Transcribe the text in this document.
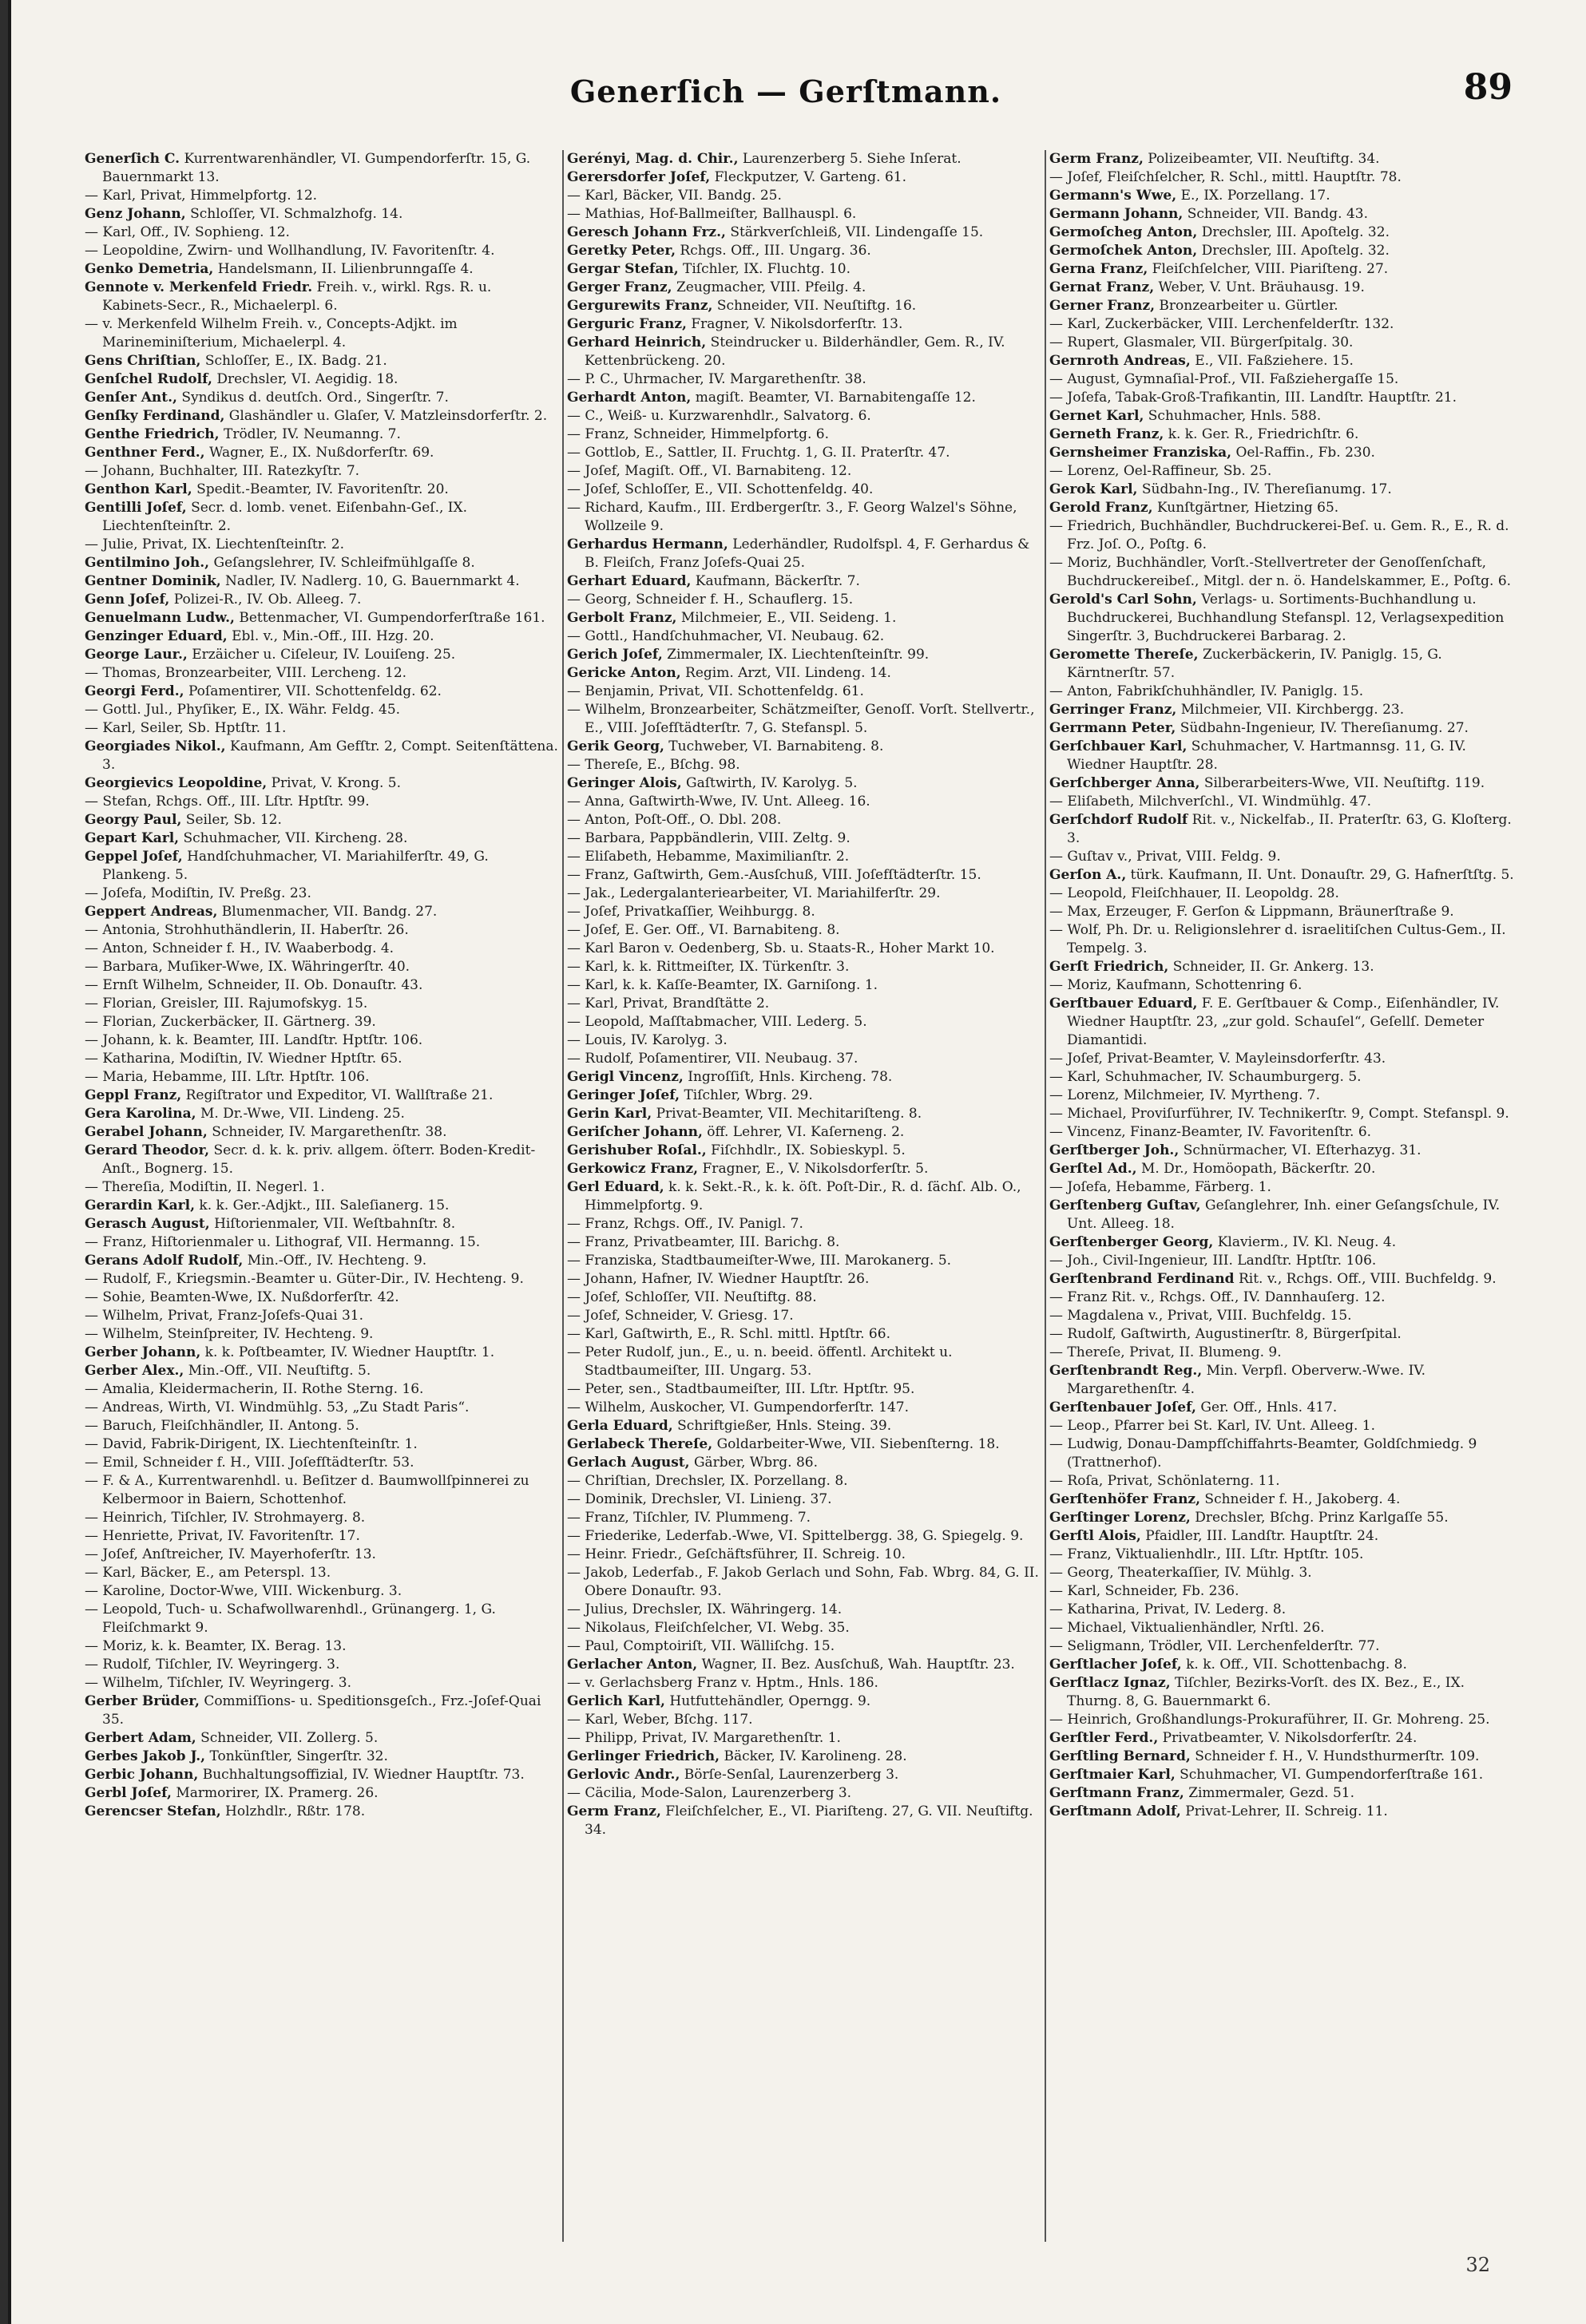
Generſich — Gerſtmann.	89

Generſich C. Kurrentwarenhändler, VI. Gumpendorferſtr. 15, G. Bauernmarkt 13.

— Karl, Privat, Himmelpfortg. 12.

Genz Johann, Schloſſer, VI. Schmalzhofg. 14.

— Karl, Off., IV. Sophieng. 12.

— Leopoldine, Zwirn- und Wollhandlung, IV. Favoritenſtr. 4.

Genko Demetria, Handelsmann, II. Lilienbrunngaſſe 4.

Gennote v. Merkenfeld Friedr. Freih. v., wirkl. Rgs. R. u. Kabinets-Secr., R., Michaelerpl. 6.

— v. Merkenfeld Wilhelm Freih. v., Concepts-Adjkt. im Marineminiſterium, Michaelerpl. 4.

Gens Chriſtian, Schloſſer, E., IX. Badg. 21.

Genſchel Rudolf, Drechsler, VI. Aegidig. 18.

Genſer Ant., Syndikus d. deutſch. Ord., Singerſtr. 7.

Genſky Ferdinand, Glashändler u. Glaſer, V. Matzleinsdorferſtr. 2.

Genthe Friedrich, Trödler, IV. Neumanng. 7.

Genthner Ferd., Wagner, E., IX. Nußdorferſtr. 69.

— Johann, Buchhalter, III. Ratezkyſtr. 7.

Genthon Karl, Spedit.-Beamter, IV. Favoritenſtr. 20.

Gentilli Joſef, Secr. d. lomb. venet. Eiſenbahn-Geſ., IX. Liechtenſteinſtr. 2.

— Julie, Privat, IX. Liechtenſteinſtr. 2.

Gentilmino Joh., Geſangslehrer, IV. Schleifmühlgaſſe 8.

Gentner Dominik, Nadler, IV. Nadlerg. 10, G. Bauernmarkt 4.

Genn Joſef, Polizei-R., IV. Ob. Alleeg. 7.

Genuelmann Ludw., Bettenmacher, VI. Gumpendorferſtraße 161.

Genzinger Eduard, Ebl. v., Min.-Off., III. Hzg. 20.

George Laur., Erzäicher u. Ciſeleur, IV. Louiſeng. 25.

— Thomas, Bronzearbeiter, VIII. Lercheng. 12.

Georgi Ferd., Poſamentirer, VII. Schottenfeldg. 62.

— Gottl. Jul., Phyſiker, E., IX. Währ. Feldg. 45.

— Karl, Seiler, Sb. Hptſtr. 11.

Georgiades Nikol., Kaufmann, Am Gefſtr. 2, Compt. Seitenſtättena. 3.

Georgievics Leopoldine, Privat, V. Krong. 5.

— Stefan, Rchgs. Off., III. Lſtr. Hptſtr. 99.

Georgy Paul, Seiler, Sb. 12.

Gepart Karl, Schuhmacher, VII. Kircheng. 28.

Geppel Joſef, Handſchuhmacher, VI. Mariahilferſtr. 49, G. Plankeng. 5.

— Joſefa, Modiſtin, IV. Preßg. 23.

Geppert Andreas, Blumenmacher, VII. Bandg. 27.

— Antonia, Strohhuthändlerin, II. Haberſtr. 26.

— Anton, Schneider f. H., IV. Waaberbodg. 4.

— Barbara, Muſiker-Wwe, IX. Währingerſtr. 40.

— Ernſt Wilhelm, Schneider, II. Ob. Donauſtr. 43.

— Florian, Greisler, III. Rajumofskyg. 15.

— Florian, Zuckerbäcker, II. Gärtnerg. 39.

— Johann, k. k. Beamter, III. Landſtr. Hptſtr. 106.

— Katharina, Modiſtin, IV. Wiedner Hptſtr. 65.

— Maria, Hebamme, III. Lſtr. Hptſtr. 106.

Geppl Franz, Regiſtrator und Expeditor, VI. Wallſtraße 21.

Gera Karolina, M. Dr.-Wwe, VII. Lindeng. 25.

Gerabel Johann, Schneider, IV. Margarethenſtr. 38.

Gerard Theodor, Secr. d. k. k. priv. allgem. öſterr. Boden-Kredit-Anſt., Bognerg. 15.

— Thereſia, Modiſtin, II. Negerl. 1.

Gerardin Karl, k. k. Ger.-Adjkt., III. Saleſianerg. 15.

Gerasch August, Hiſtorienmaler, VII. Weſtbahnſtr. 8.

— Franz, Hiſtorienmaler u. Lithograf, VII. Hermanng. 15.

Gerans Adolf Rudolf, Min.-Off., IV. Hechteng. 9.

— Rudolf, F., Kriegsmin.-Beamter u. Güter-Dir., IV. Hechteng. 9.

— Sohie, Beamten-Wwe, IX. Nußdorferſtr. 42.

— Wilhelm, Privat, Franz-Joſefs-Quai 31.

— Wilhelm, Steinſpreiter, IV. Hechteng. 9.

Gerber Johann, k. k. Poſtbeamter, IV. Wiedner Hauptſtr. 1.

Gerber Alex., Min.-Off., VII. Neuſtiftg. 5.

— Amalia, Kleidermacherin, II. Rothe Sterng. 16.

— Andreas, Wirth, VI. Windmühlg. 53, „Zu Stadt Paris“.

— Baruch, Fleiſchhändler, II. Antong. 5.

— David, Fabrik-Dirigent, IX. Liechtenſteinſtr. 1.

— Emil, Schneider f. H., VIII. Joſefſtädterſtr. 53.

— F. & A., Kurrentwarenhdl. u. Beſitzer d. Baumwollſpinnerei zu Kelbermoor in Baiern, Schottenhof.

— Heinrich, Tiſchler, IV. Strohmayerg. 8.

— Henriette, Privat, IV. Favoritenſtr. 17.

— Joſef, Anſtreicher, IV. Mayerhoferſtr. 13.

— Karl, Bäcker, E., am Peterspl. 13.

— Karoline, Doctor-Wwe, VIII. Wickenburg. 3.

— Leopold, Tuch- u. Schafwollwarenhdl., Grünangerg. 1, G. Fleiſchmarkt 9.

— Moriz, k. k. Beamter, IX. Berag. 13.

— Rudolf, Tiſchler, IV. Weyringerg. 3.

— Wilhelm, Tiſchler, IV. Weyringerg. 3.

Gerber Brüder, Commiſſions- u. Speditionsgeſch., Frz.-Joſef-Quai 35.

Gerbert Adam, Schneider, VII. Zollerg. 5.

Gerbes Jakob J., Tonkünſtler, Singerſtr. 32.

Gerbic Johann, Buchhaltungsoffizial, IV. Wiedner Hauptſtr. 73.

Gerbl Joſef, Marmorirer, IX. Pramerg. 26.

Gerencser Stefan, Holzhdlr., Rßtr. 178.

Gerényi, Mag. d. Chir., Laurenzerberg 5. Siehe Inſerat.

Gerersdorfer Joſef, Fleckputzer, V. Garteng. 61.

— Karl, Bäcker, VII. Bandg. 25.

— Mathias, Hof-Ballmeiſter, Ballhauspl. 6.

Geresch Johann Frz., Stärkverſchleiß, VII. Lindengaſſe 15.

Geretky Peter, Rchgs. Off., III. Ungarg. 36.

Gergar Stefan, Tiſchler, IX. Fluchtg. 10.

Gerger Franz, Zeugmacher, VIII. Pfeilg. 4.

Gergurewits Franz, Schneider, VII. Neuſtiftg. 16.

Gerguric Franz, Fragner, V. Nikolsdorferſtr. 13.

Gerhard Heinrich, Steindrucker u. Bilderhändler, Gem. R., IV. Kettenbrückeng. 20.

— P. C., Uhrmacher, IV. Margarethenſtr. 38.

Gerhardt Anton, magiſt. Beamter, VI. Barnabitengaſſe 12.

— C., Weiß- u. Kurzwarenhdlr., Salvatorg. 6.

— Franz, Schneider, Himmelpfortg. 6.

— Gottlob, E., Sattler, II. Fruchtg. 1, G. II. Praterſtr. 47.

— Joſef, Magiſt. Off., VI. Barnabiteng. 12.

— Joſef, Schloſſer, E., VII. Schottenfeldg. 40.

— Richard, Kaufm., III. Erdbergerſtr. 3., F. Georg Walzel's Söhne, Wollzeile 9.

Gerhardus Hermann, Lederhändler, Rudolfspl. 4, F. Gerhardus & B. Fleiſch, Franz Joſefs-Quai 25.

Gerhart Eduard, Kaufmann, Bäckerſtr. 7.

— Georg, Schneider f. H., Schauflerg. 15.

Gerbolt Franz, Milchmeier, E., VII. Seideng. 1.

— Gottl., Handſchuhmacher, VI. Neubaug. 62.

Gerich Joſef, Zimmermaler, IX. Liechtenſteinſtr. 99.

Gericke Anton, Regim. Arzt, VII. Lindeng. 14.

— Benjamin, Privat, VII. Schottenfeldg. 61.

— Wilhelm, Bronzearbeiter, Schätzmeiſter, Genoſſ. Vorſt. Stellvertr., E., VIII. Joſefſtädterſtr. 7, G. Stefanspl. 5.

Gerik Georg, Tuchweber, VI. Barnabiteng. 8.

— Thereſe, E., Bſchg. 98.

Geringer Alois, Gaſtwirth, IV. Karolyg. 5.

— Anna, Gaſtwirth-Wwe, IV. Unt. Alleeg. 16.

— Anton, Poſt-Off., O. Dbl. 208.

— Barbara, Pappbändlerin, VIII. Zeltg. 9.

— Eliſabeth, Hebamme, Maximilianſtr. 2.

— Franz, Gaſtwirth, Gem.-Ausſchuß, VIII. Joſefſtädterſtr. 15.

— Jak., Ledergalanteriearbeiter, VI. Mariahilferſtr. 29.

— Joſef, Privatkaſſier, Weihburgg. 8.

— Joſef, E. Ger. Off., VI. Barnabiteng. 8.

— Karl Baron v. Oedenberg, Sb. u. Staats-R., Hoher Markt 10.

— Karl, k. k. Rittmeiſter, IX. Türkenſtr. 3.

— Karl, k. k. Kaſſe-Beamter, IX. Garniſong. 1.

— Karl, Privat, Brandſtätte 2.

— Leopold, Maſſtabmacher, VIII. Lederg. 5.

— Louis, IV. Karolyg. 3.

— Rudolf, Poſamentirer, VII. Neubaug. 37.

Gerigl Vincenz, Ingroſſiſt, Hnls. Kircheng. 78.

Geringer Joſef, Tiſchler, Wbrg. 29.

Gerin Karl, Privat-Beamter, VII. Mechitariſteng. 8.

Geriſcher Johann, öff. Lehrer, VI. Kaſerneng. 2.

Gerishuber Roſal., Fiſchhdlr., IX. Sobieskypl. 5.

Gerkowicz Franz, Fragner, E., V. Nikolsdorferſtr. 5.

Gerl Eduard, k. k. Sekt.-R., k. k. öſt. Poſt-Dir., R. d. ſächſ. Alb. O., Himmelpfortg. 9.

— Franz, Rchgs. Off., IV. Panigl. 7.

— Franz, Privatbeamter, III. Barichg. 8.

— Franziska, Stadtbaumeiſter-Wwe, III. Marokanerg. 5.

— Johann, Hafner, IV. Wiedner Hauptſtr. 26.

— Joſef, Schloſſer, VII. Neuſtiftg. 88.

— Joſef, Schneider, V. Griesg. 17.

— Karl, Gaſtwirth, E., R. Schl. mittl. Hptſtr. 66.

— Peter Rudolf, jun., E., u. n. beeid. öffentl. Architekt u. Stadtbaumeiſter, III. Ungarg. 53.

— Peter, sen., Stadtbaumeiſter, III. Lſtr. Hptſtr. 95.

— Wilhelm, Auskocher, VI. Gumpendorferſtr. 147.

Gerla Eduard, Schriftgießer, Hnls. Steing. 39.

Gerlabeck Thereſe, Goldarbeiter-Wwe, VII. Siebenſterng. 18.

Gerlach August, Gärber, Wbrg. 86.

— Chriſtian, Drechsler, IX. Porzellang. 8.

— Dominik, Drechsler, VI. Linieng. 37.

— Franz, Tiſchler, IV. Plummeng. 7.

— Friederike, Lederfab.-Wwe, VI. Spittelbergg. 38, G. Spiegelg. 9.

— Heinr. Friedr., Geſchäftsführer, II. Schreig. 10.

— Jakob, Lederfab., F. Jakob Gerlach und Sohn, Fab. Wbrg. 84, G. II. Obere Donauſtr. 93.

— Julius, Drechsler, IX. Währingerg. 14.

— Nikolaus, Fleiſchſelcher, VI. Webg. 35.

— Paul, Comptoiriſt, VII. Wälliſchg. 15.

Gerlacher Anton, Wagner, II. Bez. Ausſchuß, Wah. Hauptſtr. 23.

— v. Gerlachsberg Franz v. Hptm., Hnls. 186.

Gerlich Karl, Hutfuttehändler, Operngg. 9.

— Karl, Weber, Bſchg. 117.

— Philipp, Privat, IV. Margarethenſtr. 1.

Gerlinger Friedrich, Bäcker, IV. Karolineng. 28.

Gerlovic Andr., Börſe-Senſal, Laurenzerberg 3.

— Cäcilia, Mode-Salon, Laurenzerberg 3.

Germ Franz, Fleiſchſelcher, E., VI. Piariſteng. 27, G. VII. Neuſtiftg. 34.

Germ Franz, Polizeibeamter, VII. Neuſtiftg. 34.

— Joſef, Fleiſchſelcher, R. Schl., mittl. Hauptſtr. 78.

Germann's Wwe, E., IX. Porzellang. 17.

Germann Johann, Schneider, VII. Bandg. 43.

Germoſcheg Anton, Drechsler, III. Apoſtelg. 32.

Germoſchek Anton, Drechsler, III. Apoſtelg. 32.

Gerna Franz, Fleiſchſelcher, VIII. Piariſteng. 27.

Gernat Franz, Weber, V. Unt. Bräuhausg. 19.

Gerner Franz, Bronzearbeiter u. Gürtler.

— Karl, Zuckerbäcker, VIII. Lerchenfelderſtr. 132.

— Rupert, Glasmaler, VII. Bürgerſpitalg. 30.

Gernroth Andreas, E., VII. Faßziehere. 15.

— August, Gymnaſial-Prof., VII. Faßziehergaſſe 15.

— Joſefa, Tabak-Groß-Trafikantin, III. Landſtr. Hauptſtr. 21.

Gernet Karl, Schuhmacher, Hnls. 588.

Gerneth Franz, k. k. Ger. R., Friedrichſtr. 6.

Gernsheimer Franziska, Oel-Raffin., Fb. 230.

— Lorenz, Oel-Raffineur, Sb. 25.

Gerok Karl, Südbahn-Ing., IV. Thereſianumg. 17.

Gerold Franz, Kunſtgärtner, Hietzing 65.

— Friedrich, Buchhändler, Buchdruckerei-Beſ. u. Gem. R., E., R. d. Frz. Joſ. O., Poſtg. 6.

— Moriz, Buchhändler, Vorſt.-Stellvertreter der Genoſſenſchaft, Buchdruckereibeſ., Mitgl. der n. ö. Handelskammer, E., Poſtg. 6.

Gerold's Carl Sohn, Verlags- u. Sortiments-Buchhandlung u. Buchdruckerei, Buchhandlung Stefanspl. 12, Verlagsexpedition Singerſtr. 3, Buchdruckerei Barbarag. 2.

Geromette Thereſe, Zuckerbäckerin, IV. Paniglg. 15, G. Kärntnerſtr. 57.

— Anton, Fabrikſchuhhändler, IV. Paniglg. 15.

Gerringer Franz, Milchmeier, VII. Kirchbergg. 23.

Gerrmann Peter, Südbahn-Ingenieur, IV. Thereſianumg. 27.

Gerſchbauer Karl, Schuhmacher, V. Hartmannsg. 11, G. IV. Wiedner Hauptſtr. 28.

Gerſchberger Anna, Silberarbeiters-Wwe, VII. Neuſtiftg. 119.

— Eliſabeth, Milchverſchl., VI. Windmühlg. 47.

Gerſchdorf Rudolf Rit. v., Nickelfab., II. Praterſtr. 63, G. Kloſterg. 3.

— Guſtav v., Privat, VIII. Feldg. 9.

Gerſon A., türk. Kaufmann, II. Unt. Donauſtr. 29, G. Hafnerſtſtg. 5.

— Leopold, Fleiſchhauer, II. Leopoldg. 28.

— Max, Erzeuger, F. Gerſon & Lippmann, Bräunerſtraße 9.

— Wolf, Ph. Dr. u. Religionslehrer d. israelitiſchen Cultus-Gem., II. Tempelg. 3.

Gerſt Friedrich, Schneider, II. Gr. Ankerg. 13.

— Moriz, Kaufmann, Schottenring 6.

Gerſtbauer Eduard, F. E. Gerſtbauer & Comp., Eiſenhändler, IV. Wiedner Hauptſtr. 23, „zur gold. Schauſel“, Geſellſ. Demeter Diamantidi.

— Joſef, Privat-Beamter, V. Mayleinsdorferſtr. 43.

— Karl, Schuhmacher, IV. Schaumburgerg. 5.

— Lorenz, Milchmeier, IV. Myrtheng. 7.

— Michael, Proviſurführer, IV. Technikerſtr. 9, Compt. Stefanspl. 9.

— Vincenz, Finanz-Beamter, IV. Favoritenſtr. 6.

Gerſtberger Joh., Schnürmacher, VI. Eſterhazyg. 31.

Gerſtel Ad., M. Dr., Homöopath, Bäckerſtr. 20.

— Joſefa, Hebamme, Färberg. 1.

Gerſtenberg Guſtav, Geſanglehrer, Inh. einer Geſangsſchule, IV. Unt. Alleeg. 18.

Gerſtenberger Georg, Klavierm., IV. Kl. Neug. 4.

— Joh., Civil-Ingenieur, III. Landſtr. Hptſtr. 106.

Gerſtenbrand Ferdinand Rit. v., Rchgs. Off., VIII. Buchfeldg. 9.

— Franz Rit. v., Rchgs. Off., IV. Dannhauſerg. 12.

— Magdalena v., Privat, VIII. Buchfeldg. 15.

— Rudolf, Gaſtwirth, Augustinerſtr. 8, Bürgerſpital.

— Thereſe, Privat, II. Blumeng. 9.

Gerſtenbrandt Reg., Min. Verpfl. Oberverw.-Wwe. IV. Margarethenſtr. 4.

Gerſtenbauer Joſef, Ger. Off., Hnls. 417.

— Leop., Pfarrer bei St. Karl, IV. Unt. Alleeg. 1.

— Ludwig, Donau-Dampfſchiffahrts-Beamter, Goldſchmiedg. 9 (Trattnerhof).

— Roſa, Privat, Schönlaterng. 11.

Gerſtenhöfer Franz, Schneider f. H., Jakoberg. 4.

Gerſtinger Lorenz, Drechsler, Bſchg. Prinz Karlgaſſe 55.

Gerſtl Alois, Pfaidler, III. Landſtr. Hauptſtr. 24.

— Franz, Viktualienhdlr., III. Lſtr. Hptſtr. 105.

— Georg, Theaterkaſſier, IV. Mühlg. 3.

— Karl, Schneider, Fb. 236.

— Katharina, Privat, IV. Lederg. 8.

— Michael, Viktualienhändler, Nrſtl. 26.

— Seligmann, Trödler, VII. Lerchenfelderſtr. 77.

Gerſtlacher Joſef, k. k. Off., VII. Schottenbachg. 8.

Gerſtlacz Ignaz, Tiſchler, Bezirks-Vorſt. des IX. Bez., E., IX. Thurng. 8, G. Bauernmarkt 6.

— Heinrich, Großhandlungs-Prokuraführer, II. Gr. Mohreng. 25.

Gerſtler Ferd., Privatbeamter, V. Nikolsdorferſtr. 24.

Gerſtling Bernard, Schneider f. H., V. Hundsthurmerſtr. 109.

Gerſtmaier Karl, Schuhmacher, VI. Gumpendorferſtraße 161.

Gerſtmann Franz, Zimmermaler, Gezd. 51.

Gerſtmann Adolf, Privat-Lehrer, II. Schreig. 11.

32
